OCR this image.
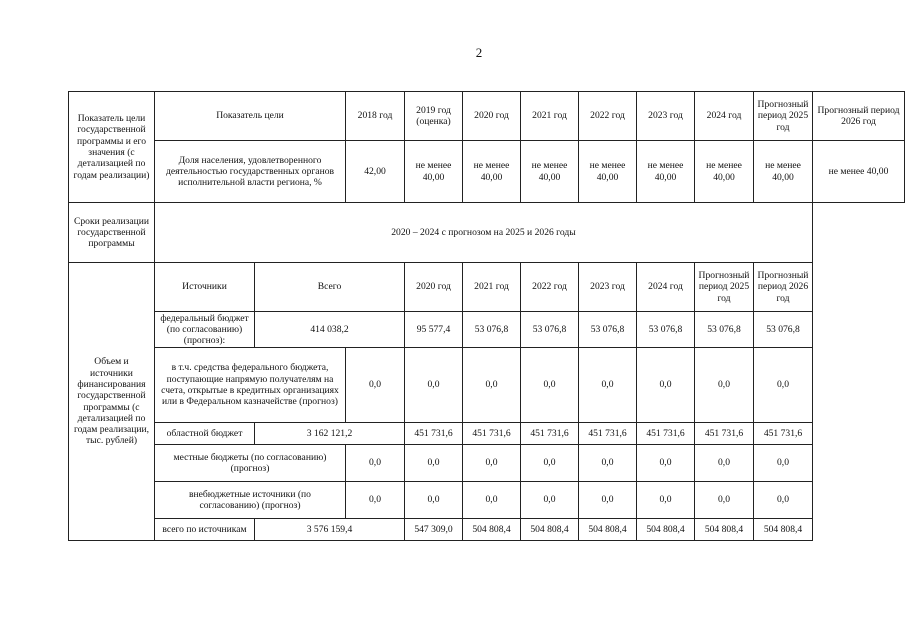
2
Показатель цели государственной программы и его значения (с детализацией по годам реализации)	Показатель цели		2018 год	2019 год (оценка)	2020 год	2021 год	2022 год	2023 год	2024 год	Прогнозный период 2025 год	Прогнозный период 2026 год
	Доля населения, удовлетворенного деятельностью государственных органов исполнительной власти региона, %		42,00	не менее 40,00	не менее 40,00	не менее 40,00	не менее 40,00	не менее 40,00	не менее 40,00	не менее 40,00	не менее 40,00
Сроки реализации государственной программы	2020 – 2024 с прогнозом на 2025 и 2026 годы										
Объем и источники финансирования государственной программы (с детализацией по годам реализации, тыс. рублей)	Источники	Всего		2020 год	2021 год	2022 год	2023 год	2024 год	Прогнозный период 2025 год	Прогнозный период 2026 год	
	федеральный бюджет (по согласованию) (прогноз):	414 038,2		95 577,4	53 076,8	53 076,8	53 076,8	53 076,8	53 076,8	53 076,8	
	в т.ч. средства федерального бюджета, поступающие напрямую получателям на счета, открытые в кредитных организациях или в Федеральном казначействе (прогноз)		0,0	0,0	0,0	0,0	0,0	0,0	0,0	0,0	
	областной бюджет	3 162 121,2		451 731,6	451 731,6	451 731,6	451 731,6	451 731,6	451 731,6	451 731,6	
	местные бюджеты (по согласованию) (прогноз)		0,0	0,0	0,0	0,0	0,0	0,0	0,0	0,0	
	внебюджетные источники (по согласованию) (прогноз)		0,0	0,0	0,0	0,0	0,0	0,0	0,0	0,0	
	всего по источникам	3 576 159,4		547 309,0	504 808,4	504 808,4	504 808,4	504 808,4	504 808,4	504 808,4	
